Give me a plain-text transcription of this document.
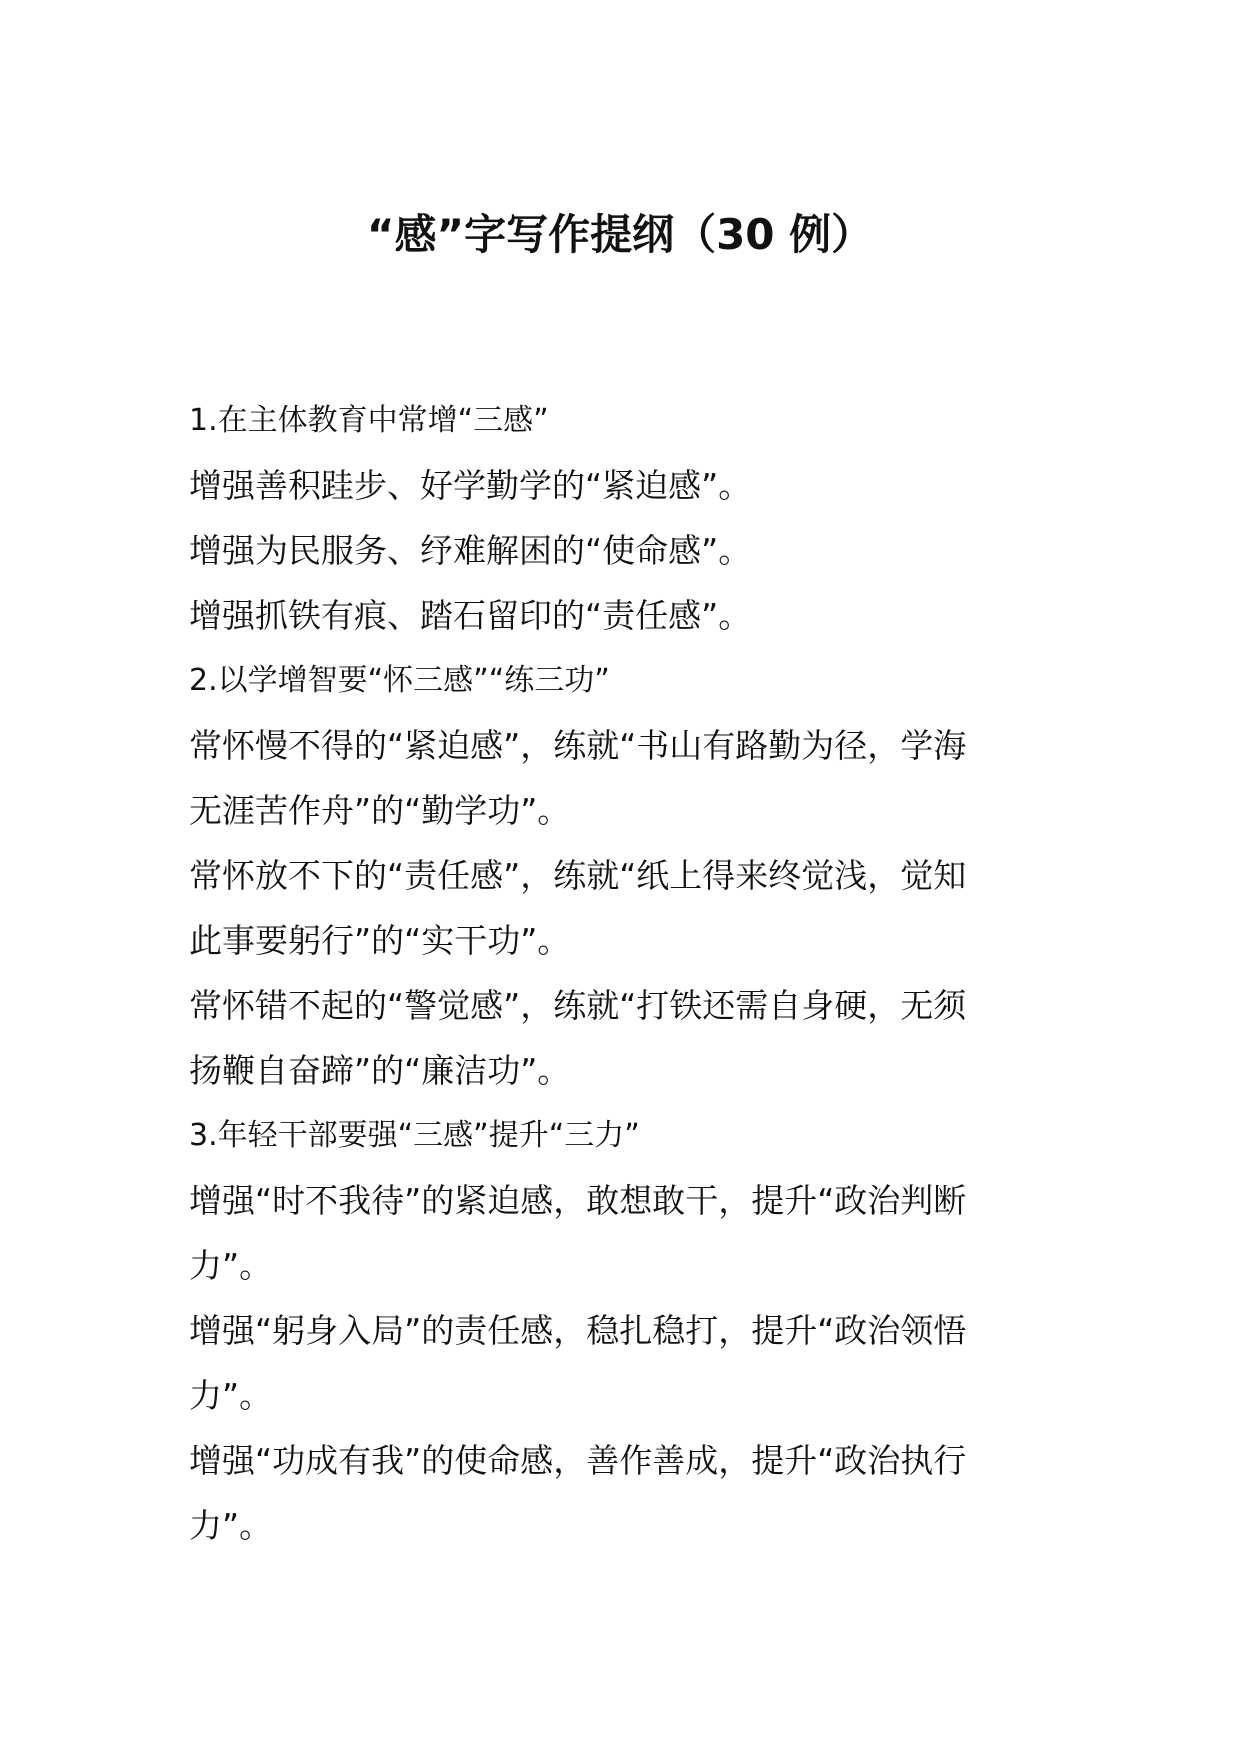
“感”字写作提纲（30 例）
1.在主体教育中常增“三感”
增强善积跬步、好学勤学的“紧迫感”。
增强为民服务、纾难解困的“使命感”。
增强抓铁有痕、踏石留印的“责任感”。
2.以学增智要“怀三感”“练三功”
常怀慢不得的“紧迫感”，练就“书山有路勤为径，学海
无涯苦作舟”的“勤学功”。
常怀放不下的“责任感”，练就“纸上得来终觉浅，觉知
此事要躬行”的“实干功”。
常怀错不起的“警觉感”，练就“打铁还需自身硬，无须
扬鞭自奋蹄”的“廉洁功”。
3.年轻干部要强“三感”提升“三力”
增强“时不我待”的紧迫感，敢想敢干，提升“政治判断
力”。
增强“躬身入局”的责任感，稳扎稳打，提升“政治领悟
力”。
增强“功成有我”的使命感，善作善成，提升“政治执行
力”。
